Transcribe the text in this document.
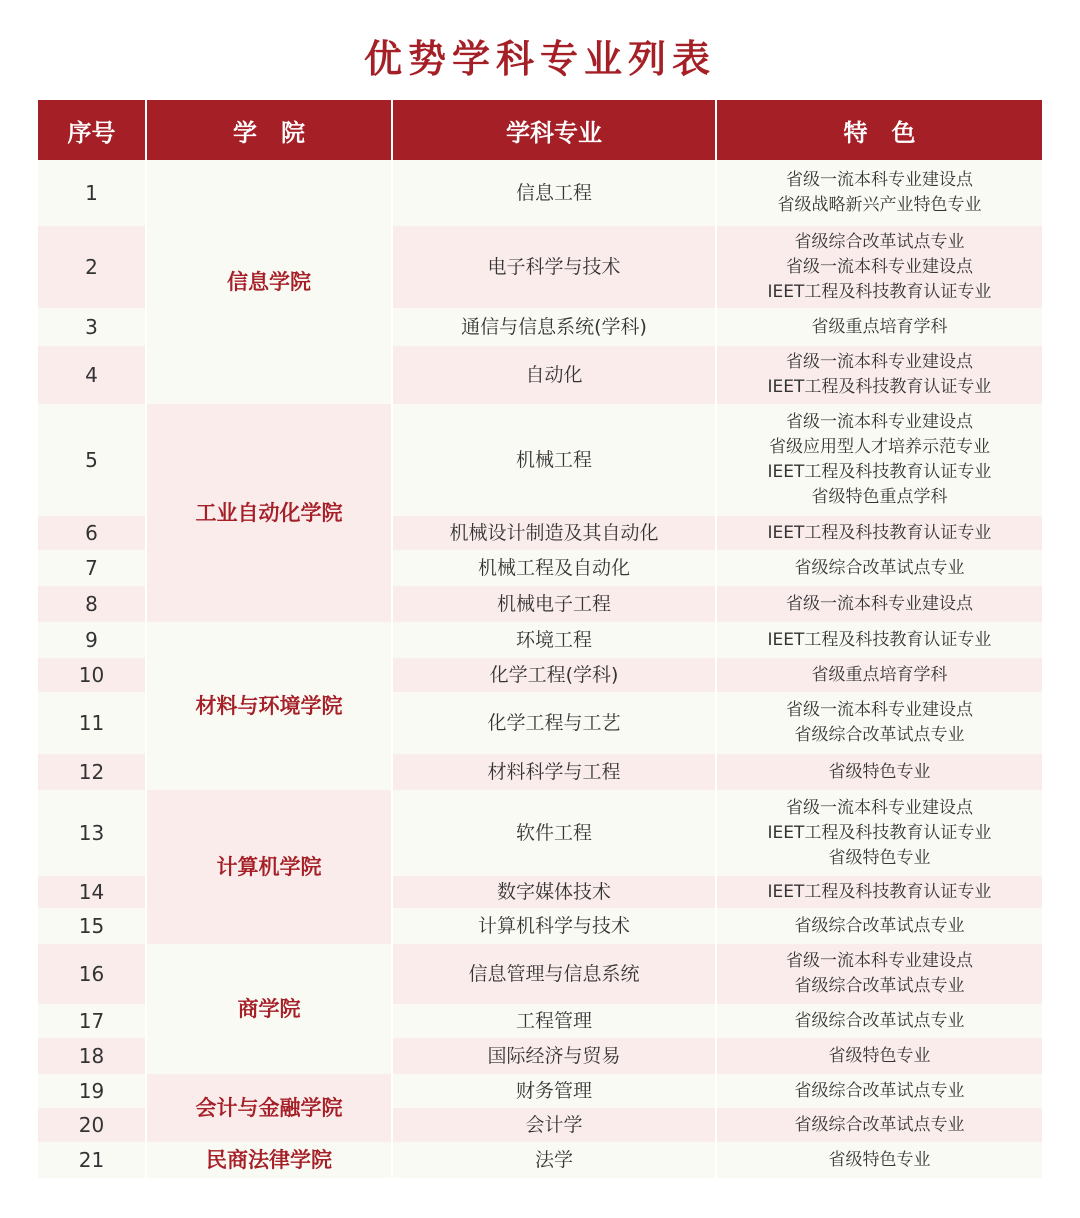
优势学科专业列表
序号	学　院	学科专业	特　色
1	信息学院	信息工程	省级一流本科专业建设点
省级战略新兴产业特色专业

2		电子科学与技术	省级综合改革试点专业
省级一流本科专业建设点
IEET工程及科技教育认证专业

3		通信与信息系统(学科)	省级重点培育学科

4		自动化	省级一流本科专业建设点
IEET工程及科技教育认证专业

5	工业自动化学院	机械工程	省级一流本科专业建设点
省级应用型人才培养示范专业
IEET工程及科技教育认证专业
省级特色重点学科

6		机械设计制造及其自动化	IEET工程及科技教育认证专业

7		机械工程及自动化	省级综合改革试点专业

8		机械电子工程	省级一流本科专业建设点

9	材料与环境学院	环境工程	IEET工程及科技教育认证专业

10		化学工程(学科)	省级重点培育学科

11		化学工程与工艺	省级一流本科专业建设点
省级综合改革试点专业

12		材料科学与工程	省级特色专业

13	计算机学院	软件工程	省级一流本科专业建设点
IEET工程及科技教育认证专业
省级特色专业

14		数字媒体技术	IEET工程及科技教育认证专业

15		计算机科学与技术	省级综合改革试点专业

16	商学院	信息管理与信息系统	省级一流本科专业建设点
省级综合改革试点专业

17		工程管理	省级综合改革试点专业

18		国际经济与贸易	省级特色专业

19	会计与金融学院	财务管理	省级综合改革试点专业

20		会计学	省级综合改革试点专业

21	民商法律学院	法学	省级特色专业
